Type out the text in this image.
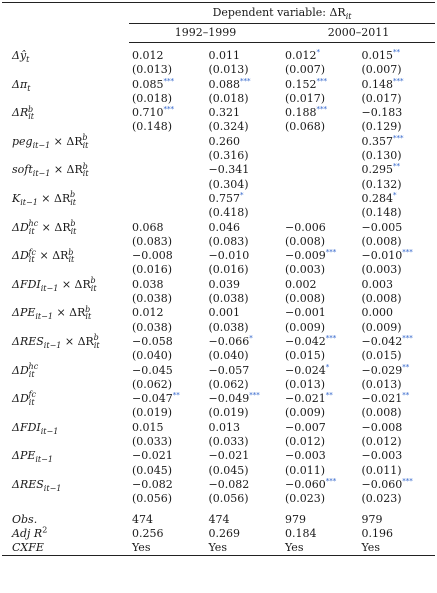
	Dependent variable: $\Delta R_{it}$
	1992–1999		2000–2011	

$\Delta ŷ_t$	0.012	0.011	0.012*	0.015**
	(0.013)	(0.013)	(0.007)	(0.007)
$\Delta\pi_t$	0.085***	0.088***	0.152***	0.148***
	(0.018)	(0.018)	(0.017)	(0.017)
$\Delta R_{it}^b$	0.710***	0.321	0.188***	−0.183
	(0.148)	(0.324)	(0.068)	(0.129)
$peg_{it-1} \times \Delta R_{it}^b$		0.260		0.357***
		(0.316)		(0.130)
soft$_{it-1}$ × $\Delta R_{it}^b$		−0.341		0.295**
		(0.304)		(0.132)
$K_{it-1} \times \Delta R_{it}^b$		0.757*		0.284*
		(0.418)		(0.148)
$\Delta D_{it}^{hc} \times \Delta R_{it}^b$	0.068	0.046	−0.006	−0.005
	(0.083)	(0.083)	(0.008)	(0.008)
$\Delta D_{it}^{fc} \times \Delta R_{it}^b$	−0.008	−0.010	−0.009***	−0.010***
	(0.016)	(0.016)	(0.003)	(0.003)
$\Delta FDI_{it-1} \times \Delta R_{it}^b$	0.038	0.039	0.002	0.003
	(0.038)	(0.038)	(0.008)	(0.008)
$\Delta PE_{it-1} \times \Delta R_{it}^b$	0.012	0.001	−0.001	0.000
	(0.038)	(0.038)	(0.009)	(0.009)
$\Delta RES_{it-1} \times \Delta R_{it}^b$	−0.058	−0.066*	−0.042***	−0.042***
	(0.040)	(0.040)	(0.015)	(0.015)
$\Delta D_{it}^{hc}$	−0.045	−0.057	−0.024*	−0.029**
	(0.062)	(0.062)	(0.013)	(0.013)
$\Delta D_{it}^{fc}$	−0.047**	−0.049***	−0.021**	−0.021**
	(0.019)	(0.019)	(0.009)	(0.008)
$\Delta FDI_{it-1}$	0.015	0.013	−0.007	−0.008
	(0.033)	(0.033)	(0.012)	(0.012)
$\Delta PE_{it-1}$	−0.021	−0.021	−0.003	−0.003
	(0.045)	(0.045)	(0.011)	(0.011)
$\Delta RES_{it-1}$	−0.082	−0.082	−0.060***	−0.060***
	(0.056)	(0.056)	(0.023)	(0.023)

Obs.	474	474	979	979
Adj $R^2$	0.256	0.269	0.184	0.196
CXFE	Yes	Yes	Yes	Yes
